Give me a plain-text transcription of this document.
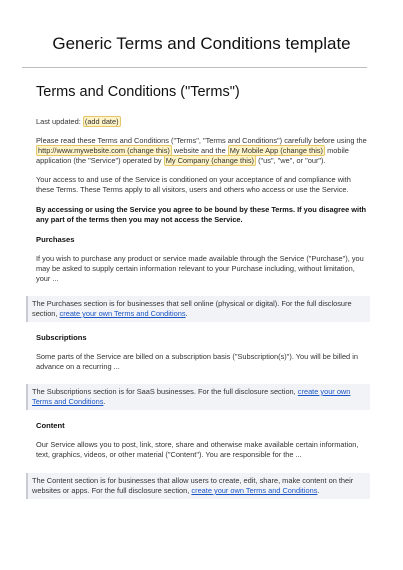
Generic Terms and Conditions template
Terms and Conditions ("Terms")
Last updated: (add date)
Please read these Terms and Conditions ("Terms", "Terms and Conditions") carefully before using the http://www.mywebsite.com (change this) website and the My Mobile App (change this) mobile application (the "Service") operated by My Company (change this) ("us", "we", or "our").
Your access to and use of the Service is conditioned on your acceptance of and compliance with these Terms. These Terms apply to all visitors, users and others who access or use the Service.
By accessing or using the Service you agree to be bound by these Terms. If you disagree with any part of the terms then you may not access the Service.
Purchases
If you wish to purchase any product or service made available through the Service ("Purchase"), you may be asked to supply certain information relevant to your Purchase including, without limitation, your ...
The Purchases section is for businesses that sell online (physical or digital). For the full disclosure section, create your own Terms and Conditions.
Subscriptions
Some parts of the Service are billed on a subscription basis ("Subscription(s)"). You will be billed in advance on a recurring ...
The Subscriptions section is for SaaS businesses. For the full disclosure section, create your own Terms and Conditions.
Content
Our Service allows you to post, link, store, share and otherwise make available certain information, text, graphics, videos, or other material ("Content"). You are responsible for the ...
The Content section is for businesses that allow users to create, edit, share, make content on their websites or apps. For the full disclosure section, create your own Terms and Conditions.
